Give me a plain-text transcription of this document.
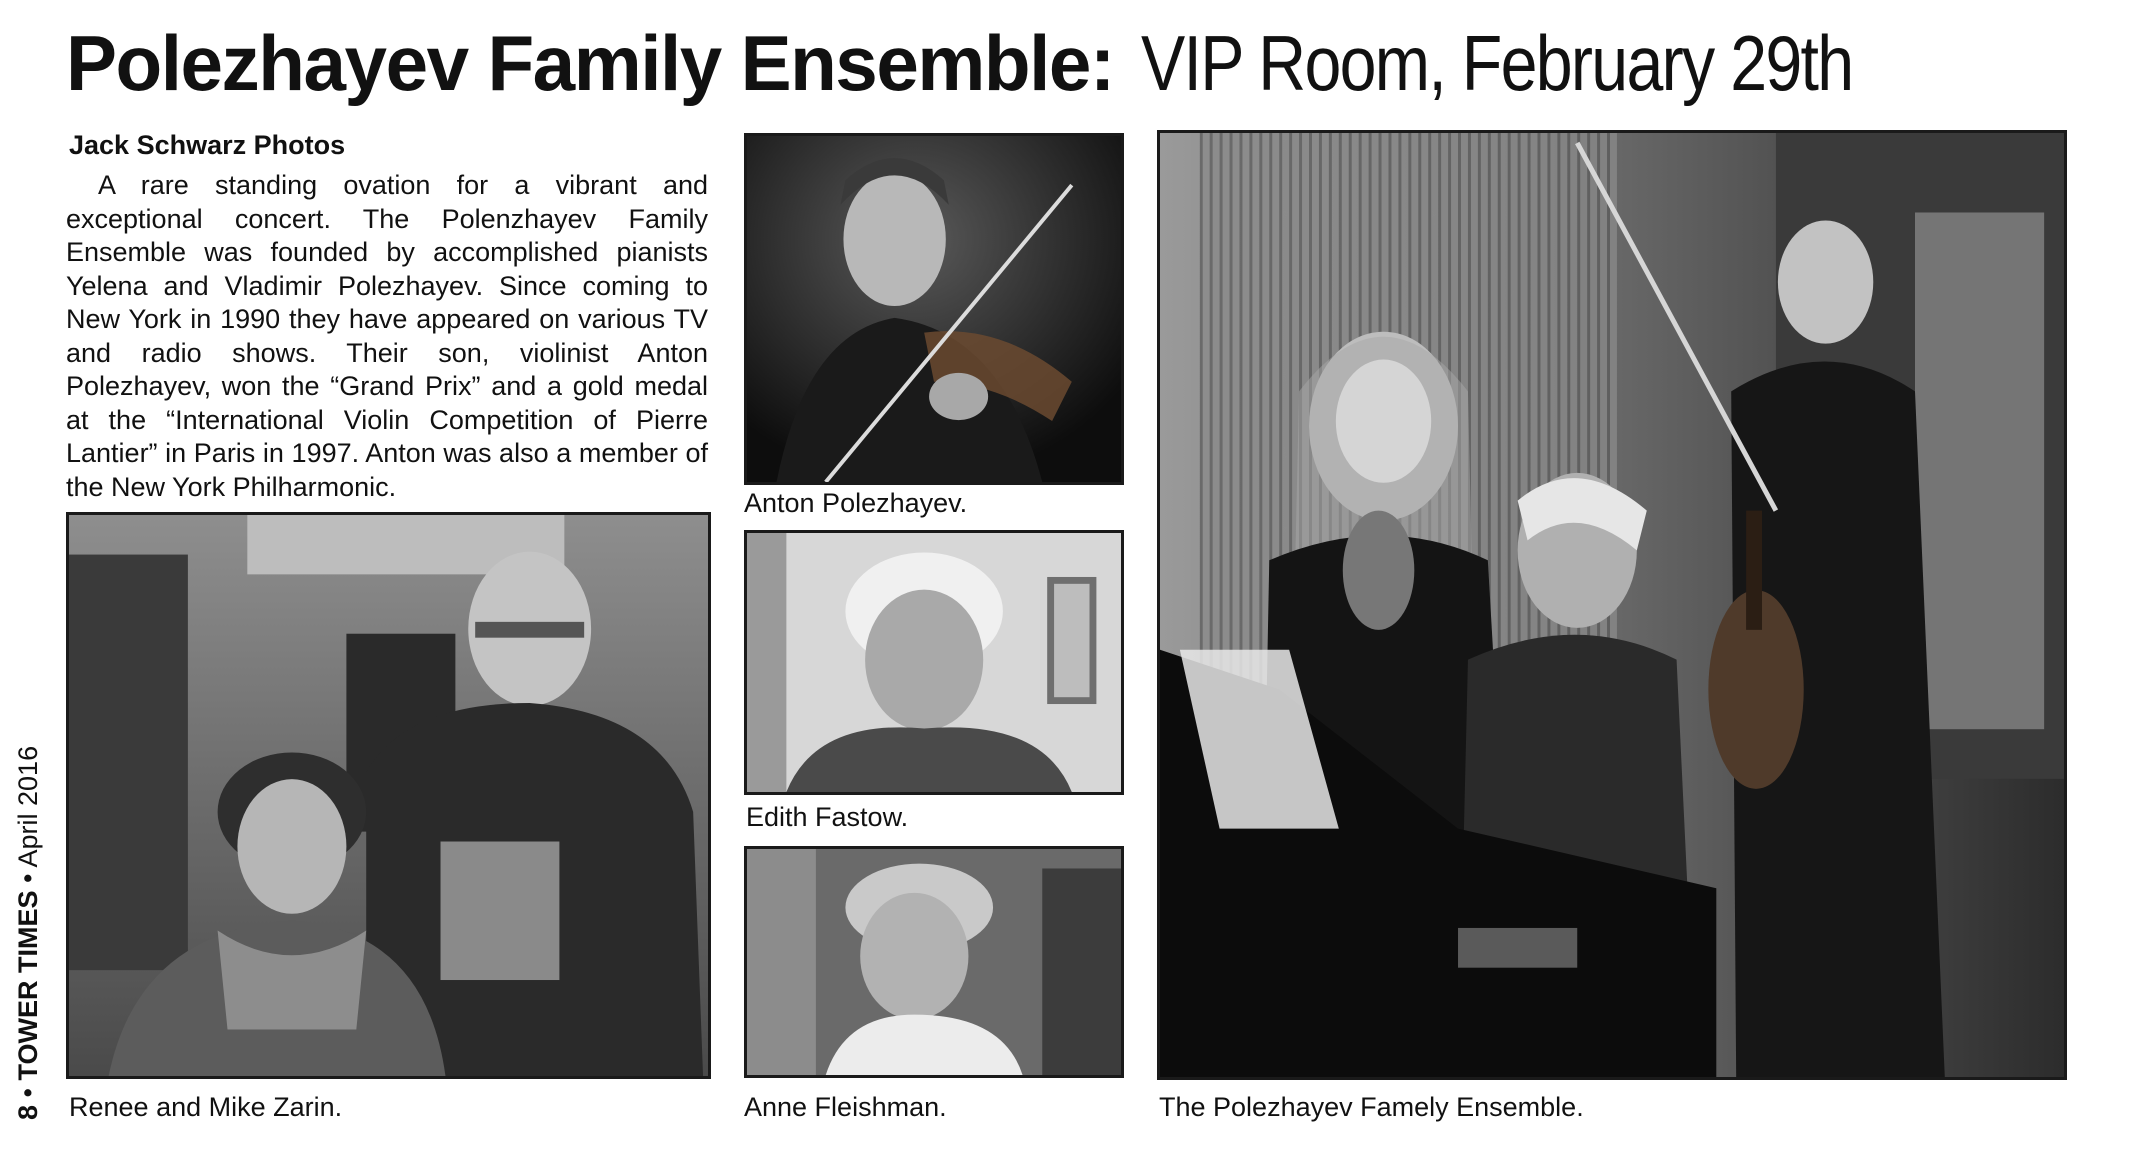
Polezhayev Family Ensemble: VIP Room, February 29th
8 • TOWER TIMES • April 2016
Jack Schwarz Photos

A rare standing ovation for a vibrant and exceptional concert. The Polenzhayev Family Ensemble was founded by accomplished pianists Yelena and Vladimir Polezhayev. Since coming to New York in 1990 they have appeared on various TV and radio shows. Their son, violinist Anton Polezhayev, won the “Grand Prix” and a gold medal at the “International Violin Competition of Pierre Lantier” in Paris in 1997. Anton was also a member of the New York Philharmonic.

Anton Polezhayev.
Edith Fastow.
Anne Fleishman.
Renee and Mike Zarin.	The Polezhayev Famely Ensemble.
